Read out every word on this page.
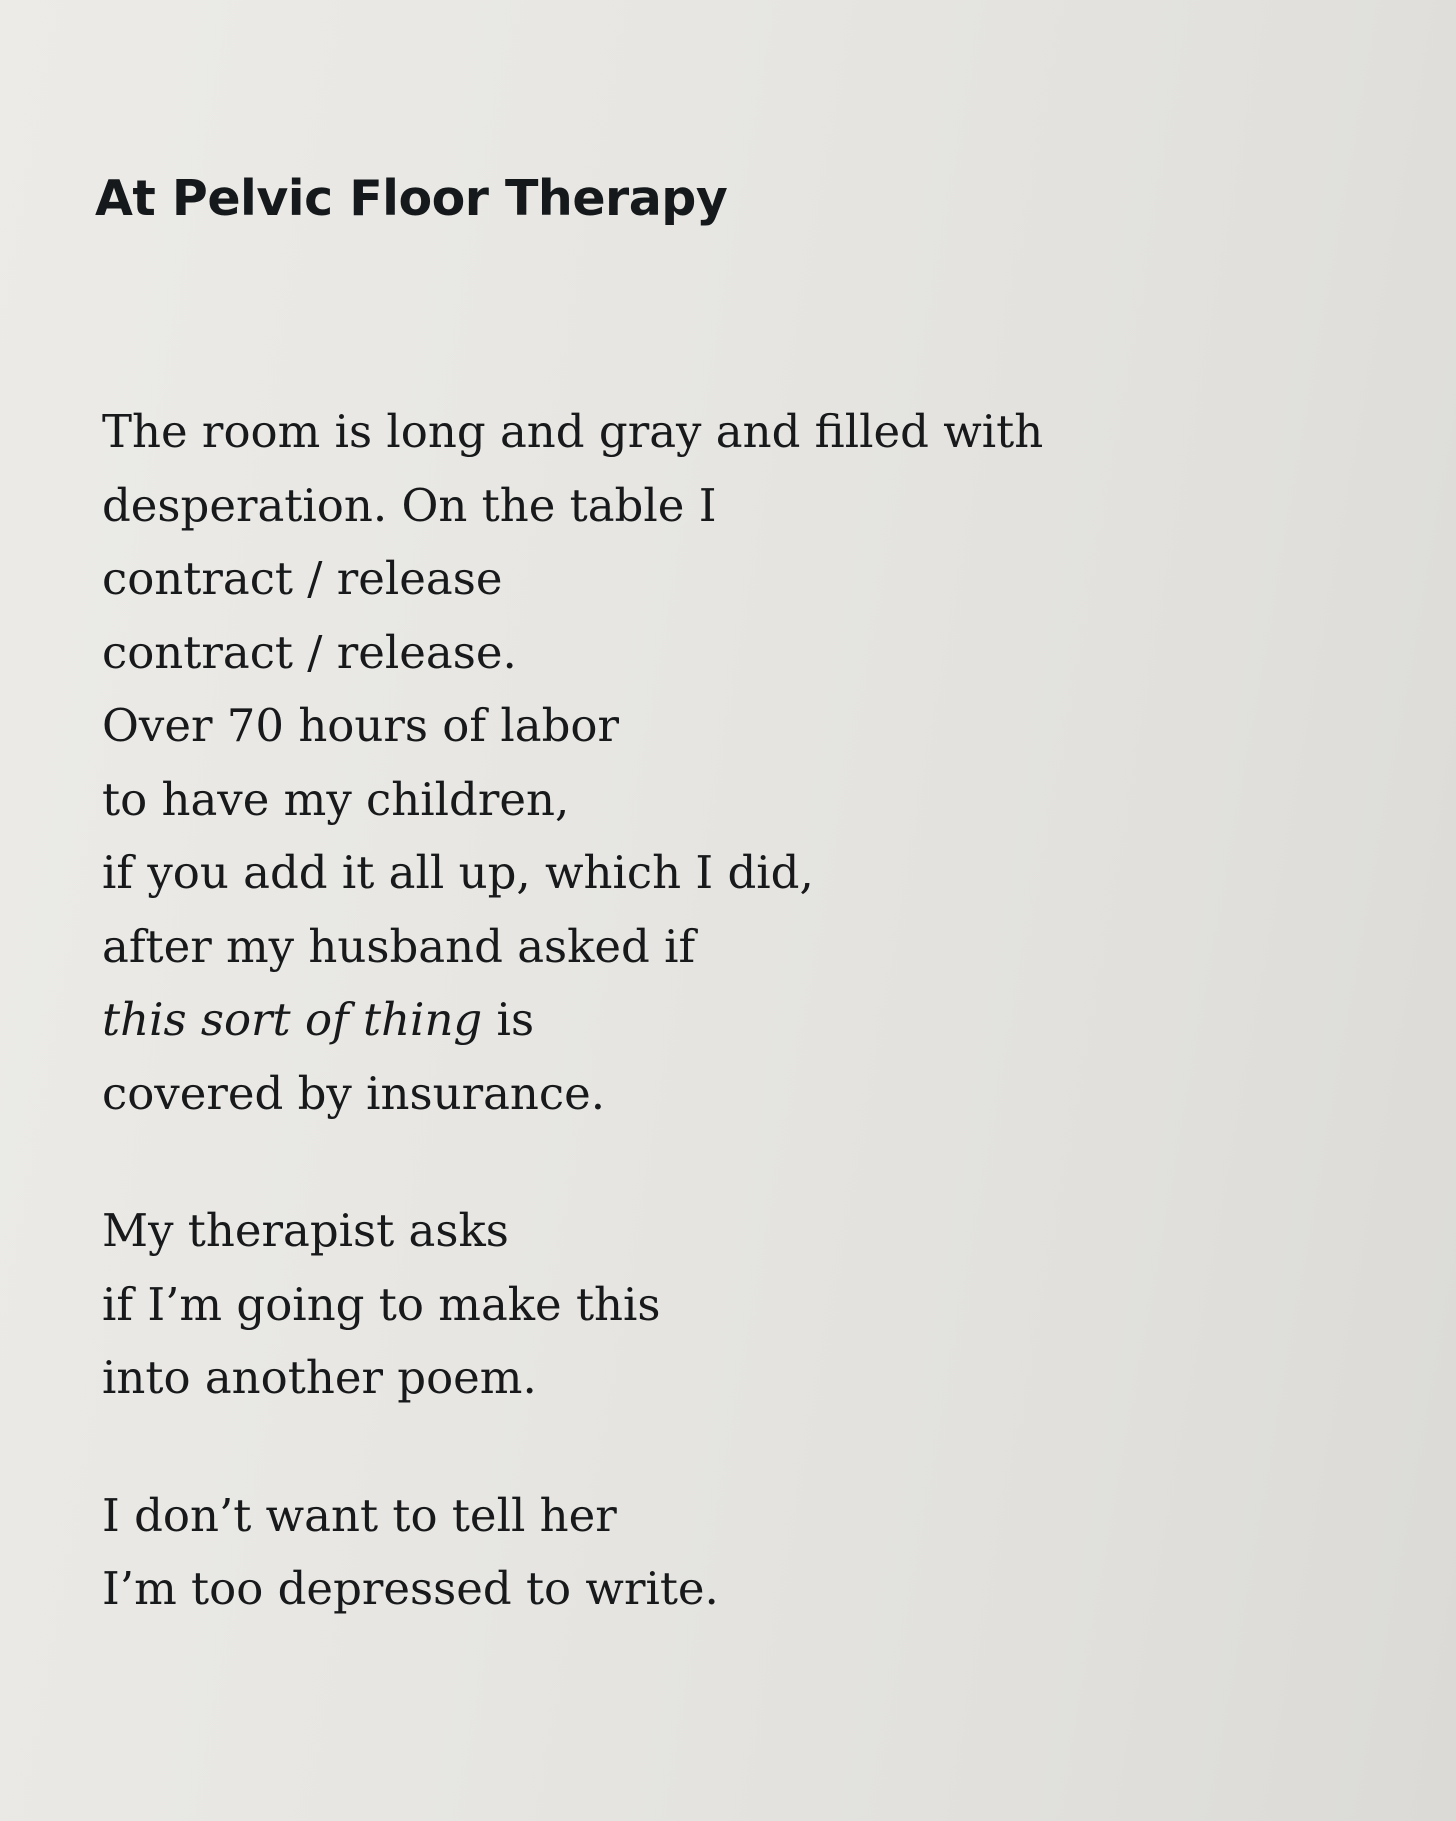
At Pelvic Floor Therapy
The room is long and gray and filled with
desperation. On the table I
contract / release
contract / release.
Over 70 hours of labor
to have my children,
if you add it all up, which I did,
after my husband asked if
this sort of thing is
covered by insurance.
My therapist asks
if I’m going to make this
into another poem.
I don’t want to tell her
I’m too depressed to write.
